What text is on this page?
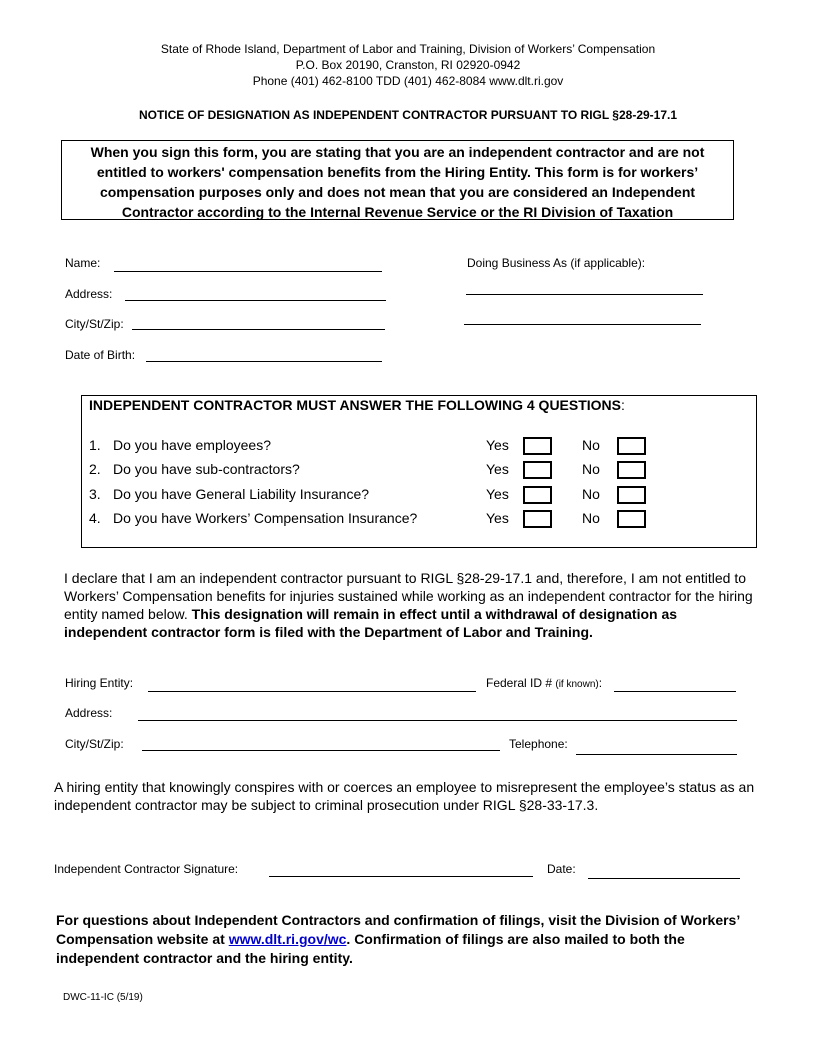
State of Rhode Island, Department of Labor and Training, Division of Workers’ Compensation
P.O. Box 20190, Cranston, RI 02920-0942
Phone (401) 462-8100 TDD (401) 462-8084 www.dlt.ri.gov
NOTICE OF DESIGNATION AS INDEPENDENT CONTRACTOR PURSUANT TO RIGL §28-29-17.1
When you sign this form, you are stating that you are an independent contractor and are not entitled to workers' compensation benefits from the Hiring Entity. This form is for workers’ compensation purposes only and does not mean that you are considered an Independent Contractor according to the Internal Revenue Service or the RI Division of Taxation
Name:
Address:
City/St/Zip:
Date of Birth:
Doing Business As (if applicable):
INDEPENDENT CONTRACTOR MUST ANSWER THE FOLLOWING 4 QUESTIONS:
1. Do you have employees?	Yes	No
2. Do you have sub-contractors?	Yes	No
3. Do you have General Liability Insurance?	Yes	No
4. Do you have Workers’ Compensation Insurance?	Yes	No
I declare that I am an independent contractor pursuant to RIGL §28-29-17.1 and, therefore, I am not entitled to Workers’ Compensation benefits for injuries sustained while working as an independent contractor for the hiring entity named below. This designation will remain in effect until a withdrawal of designation as independent contractor form is filed with the Department of Labor and Training.
Hiring Entity:	Federal ID # (if known):
Address:
City/St/Zip:	Telephone:
A hiring entity that knowingly conspires with or coerces an employee to misrepresent the employee’s status as an independent contractor may be subject to criminal prosecution under RIGL §28-33-17.3.
Independent Contractor Signature:	Date:
For questions about Independent Contractors and confirmation of filings, visit the Division of Workers’ Compensation website at www.dlt.ri.gov/wc. Confirmation of filings are also mailed to both the independent contractor and the hiring entity.
DWC-11-IC (5/19)
